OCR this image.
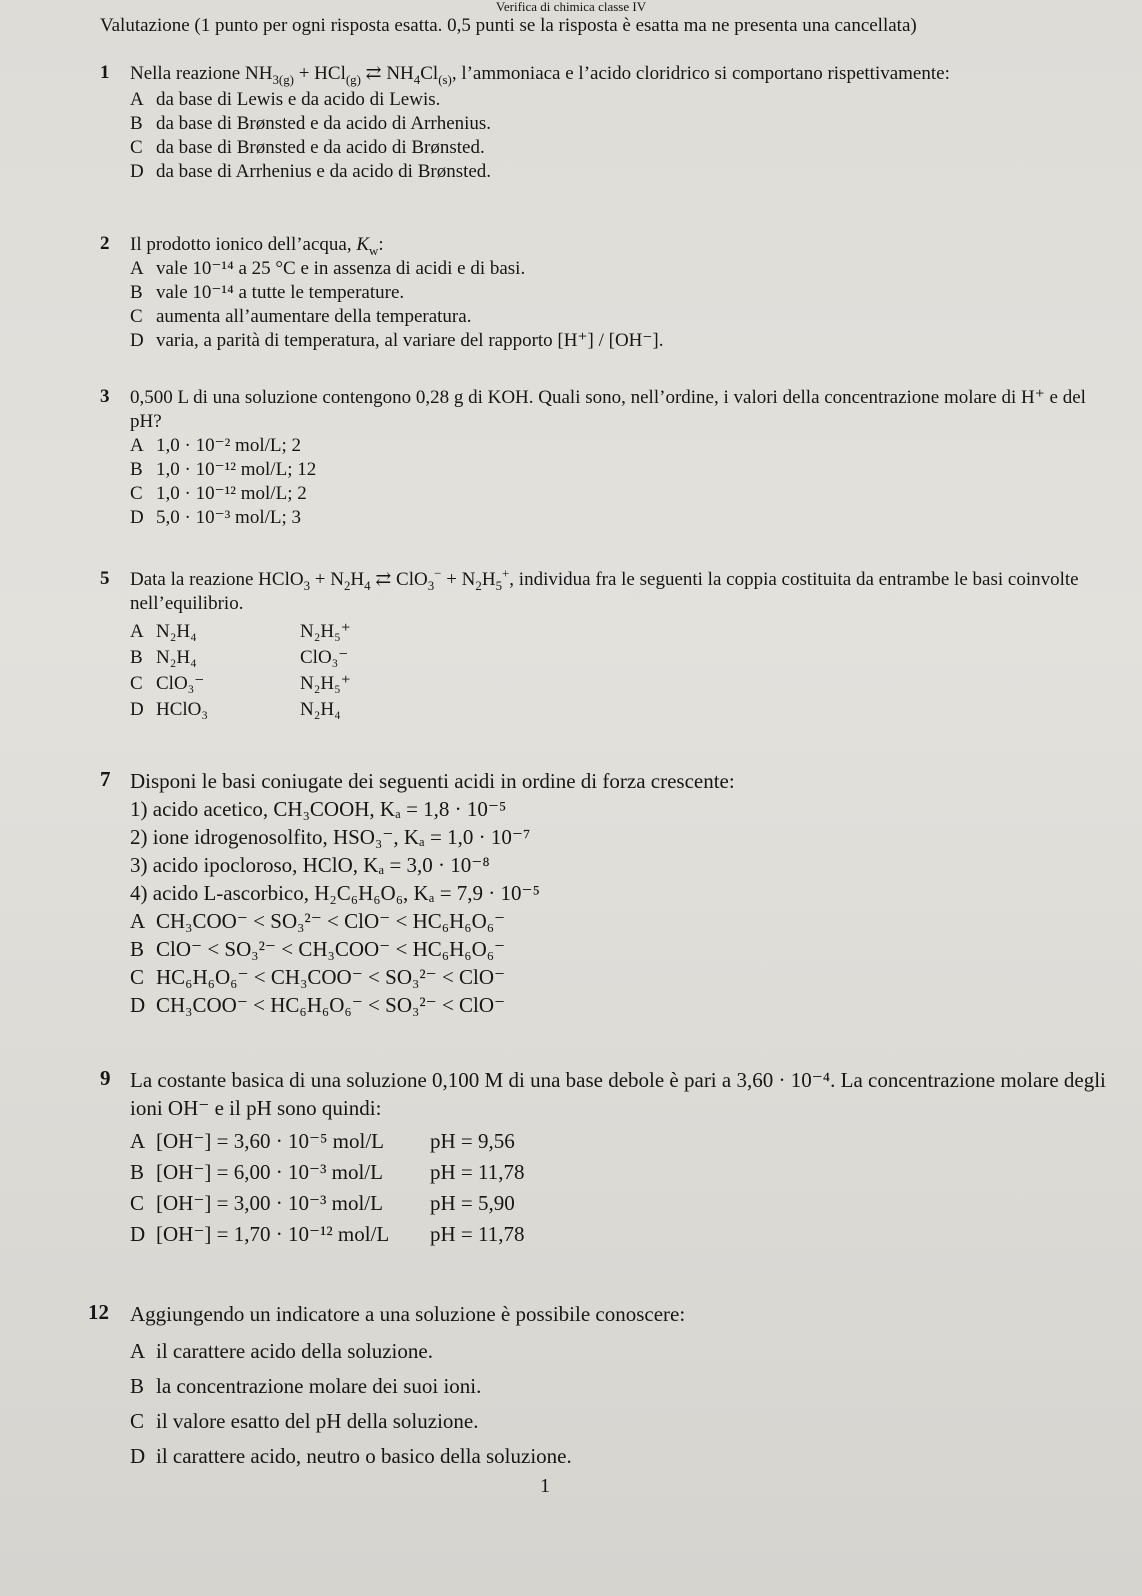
Verifica di chimica classe IV
Valutazione (1 punto per ogni risposta esatta. 0,5 punti se la risposta è esatta ma ne presenta una cancellata)
1 Nella reazione $NH_{3(g)} + HCl_{(g)}$ ⇄ $NH_4Cl_{(s)}$, l’ammoniaca e l’acido cloridrico si comportano rispettivamente:
A da base di Lewis e da acido di Lewis.
B da base di Brønsted e da acido di Arrhenius.
C da base di Brønsted e da acido di Brønsted.
D da base di Arrhenius e da acido di Brønsted.
2 Il prodotto ionico dell’acqua, $K_w$:
A vale 10⁻¹⁴ a 25 °C e in assenza di acidi e di basi.
B vale 10⁻¹⁴ a tutte le temperature.
C aumenta all’aumentare della temperatura.
D varia, a parità di temperatura, al variare del rapporto [H⁺] / [OH⁻].
3 0,500 L di una soluzione contengono 0,28 g di KOH. Quali sono, nell’ordine, i valori della concentrazione molare di H⁺ e del pH?
A 1,0 · 10⁻² mol/L; 2
B 1,0 · 10⁻¹² mol/L; 12
C 1,0 · 10⁻¹² mol/L; 2
D 5,0 · 10⁻³ mol/L; 3
5 Data la reazione HClO$_3$ + $N_2H_4$ ⇄ $ClO_3^- + N_2H_5^+$, individua fra le seguenti la coppia costituita da entrambe le basi coinvolte nell’equilibrio.
A N₂H₄	N₂H₅⁺
B N₂H₄	ClO₃⁻
C ClO₃⁻	N₂H₅⁺
D HClO₃	N₂H₄
7 Disponi le basi coniugate dei seguenti acidi in ordine di forza crescente:
1) acido acetico, CH₃COOH, Kₐ = 1,8 · 10⁻⁵
2) ione idrogenosolfito, HSO₃⁻, Kₐ = 1,0 · 10⁻⁷
3) acido ipocloroso, HClO, Kₐ = 3,0 · 10⁻⁸
4) acido L-ascorbico, H₂C₆H₆O₆, Kₐ = 7,9 · 10⁻⁵
A CH₃COO⁻ < SO₃²⁻ < ClO⁻ < HC₆H₆O₆⁻
B ClO⁻ < SO₃²⁻ < CH₃COO⁻ < HC₆H₆O₆⁻
C HC₆H₆O₆⁻ < CH₃COO⁻ < SO₃²⁻ < ClO⁻
D CH₃COO⁻ < HC₆H₆O₆⁻ < SO₃²⁻ < ClO⁻
9 La costante basica di una soluzione 0,100 M di una base debole è pari a 3,60 · 10⁻⁴. La concentrazione molare degli ioni OH⁻ e il pH sono quindi:
A [OH⁻] = 3,60 · 10⁻⁵ mol/L pH = 9,56
B [OH⁻] = 6,00 · 10⁻³ mol/L pH = 11,78
C [OH⁻] = 3,00 · 10⁻³ mol/L pH = 5,90
D [OH⁻] = 1,70 · 10⁻¹² mol/L pH = 11,78
12 Aggiungendo un indicatore a una soluzione è possibile conoscere:
A il carattere acido della soluzione.
B la concentrazione molare dei suoi ioni.
C il valore esatto del pH della soluzione.
D il carattere acido, neutro o basico della soluzione.
1
